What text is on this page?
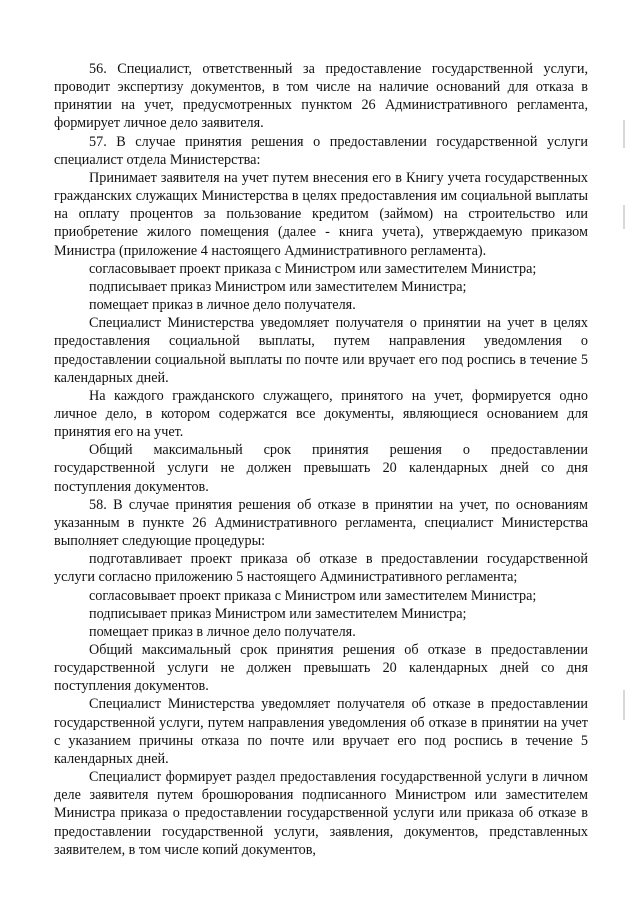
56. Специалист, ответственный за предоставление государственной услуги, проводит экспертизу документов, в том числе на наличие оснований для отказа в принятии на учет, предусмотренных пунктом 26 Административного регламента, формирует личное дело заявителя.

57. В случае принятия решения о предоставлении государственной услуги специалист отдела Министерства:

Принимает заявителя на учет путем внесения его в Книгу учета государственных гражданских служащих Министерства в целях предоставления им социальной выплаты на оплату процентов за пользование кредитом (займом) на строительство или приобретение жилого помещения (далее - книга учета), утверждаемую приказом Министра (приложение 4 настоящего Административного регламента).

согласовывает проект приказа с Министром или заместителем Министра;

подписывает приказ Министром или заместителем Министра;

помещает приказ в личное дело получателя.

Специалист Министерства уведомляет получателя о принятии на учет в целях предоставления социальной выплаты, путем направления уведомления о предоставлении социальной выплаты по почте или вручает его под роспись в течение 5 календарных дней.

На каждого гражданского служащего, принятого на учет, формируется одно личное дело, в котором содержатся все документы, являющиеся основанием для принятия его на учет.

Общий максимальный срок принятия решения о предоставлении государственной услуги не должен превышать 20 календарных дней со дня поступления документов.

58. В случае принятия решения об отказе в принятии на учет, по основаниям указанным в пункте 26 Административного регламента, специалист Министерства выполняет следующие процедуры:

подготавливает проект приказа об отказе в предоставлении государственной услуги согласно приложению 5 настоящего Административного регламента;

согласовывает проект приказа с Министром или заместителем Министра;

подписывает приказ Министром или заместителем Министра;

помещает приказ в личное дело получателя.

Общий максимальный срок принятия решения об отказе в предоставлении государственной услуги не должен превышать 20 календарных дней со дня поступления документов.

Специалист Министерства уведомляет получателя об отказе в предоставлении государственной услуги, путем направления уведомления об отказе в принятии на учет с указанием причины отказа по почте или вручает его под роспись в течение 5 календарных дней.

Специалист формирует раздел предоставления государственной услуги в личном деле заявителя путем брошюрования подписанного Министром или заместителем Министра приказа о предоставлении государственной услуги или приказа об отказе в предоставлении государственной услуги, заявления, документов, представленных заявителем, в том числе копий документов,
